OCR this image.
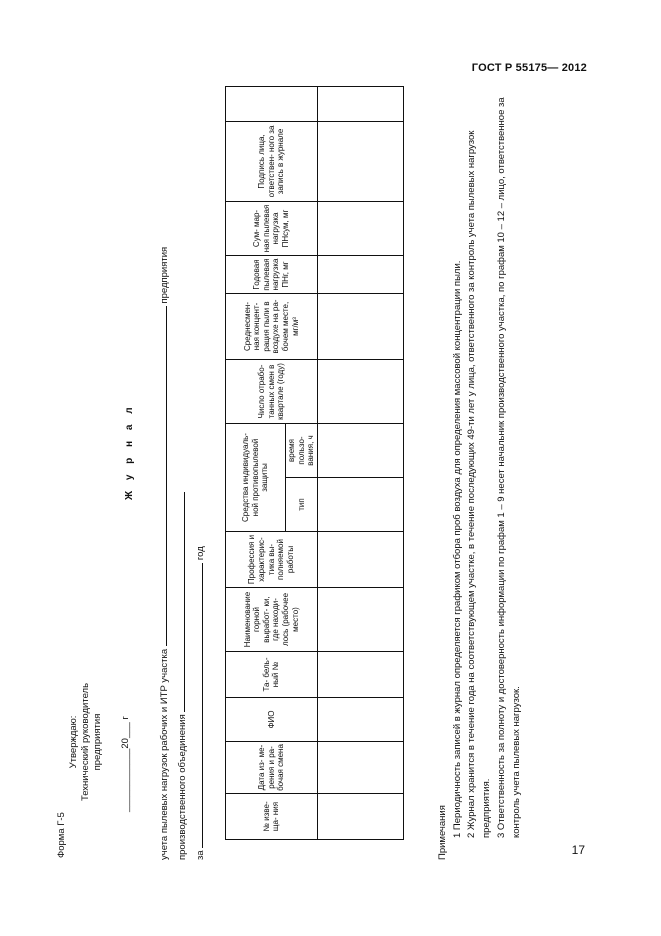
ГОСТ Р 55175— 2012
Форма Г-5
Утверждаю: Технический руководитель предприятия ____________20___ г
Ж у р н а л
учета пылевых нагрузок рабочих и ИТР участка  предприятия
производственного объединения за  год
№ изве- ща- ния	Дата из- ме-рения и ра- бочая смена	ФИО	Та- бель- ный №	Наименование горной выработ- ки, где находи- лось (рабочее место)	Профессия и характерис- тика вы- полняемой работы	Средства индивидуаль- ной противопылевой защиты		Число отрабо- танных смен в квартале (году)	Среднесмен- ная концент- рация пыли в воздухе на ра- бочем месте, мг/м³	Годовая пылевая нагрузка ПНг, мг	Сум- мар-ная пылевая нагрузка ПНсум, мг	Подпись лица, ответствен- ного за запись в журнале	
						тип	время пользо- вания, ч						

Примечания 1 Периодичность записей в журнал определяется графиком отбора проб воздуха для определения массовой концентрации пыли. 2 Журнал хранится в течение года на соответствующем участке, в течение последующих 49-ти лет у лица, ответственного за контроль учета пылевых нагрузок предприятия. 3 Ответственность за полноту и достоверность информации по графам 1 – 9 несет начальник производственного участка, по графам 10 – 12 – лицо, ответственное за контроль учета пылевых нагрузок.
17
